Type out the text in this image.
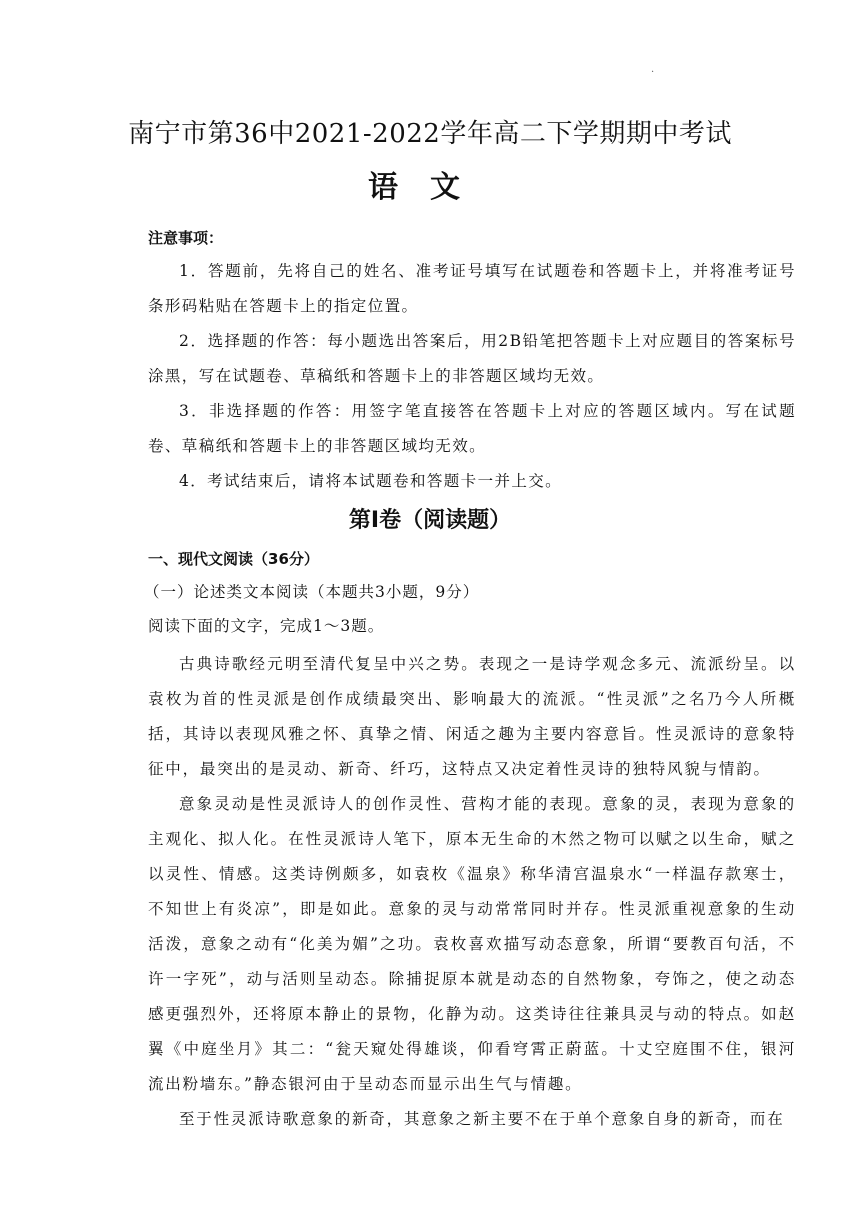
·
南宁市第36中2021-2022学年高二下学期期中考试
语文
注意事项：

1．答题前，先将自己的姓名、准考证号填写在试题卷和答题卡上，并将准考证号条形码粘贴在答题卡上的指定位置。

2．选择题的作答：每小题选出答案后，用2B铅笔把答题卡上对应题目的答案标号涂黑，写在试题卷、草稿纸和答题卡上的非答题区域均无效。

3．非选择题的作答：用签字笔直接答在答题卡上对应的答题区域内。写在试题卷、草稿纸和答题卡上的非答题区域均无效。

4．考试结束后，请将本试题卷和答题卡一并上交。

第Ⅰ卷（阅读题）
一、现代文阅读（36分）
（一）论述类文本阅读（本题共3小题，9分）
阅读下面的文字，完成1～3题。

古典诗歌经元明至清代复呈中兴之势。表现之一是诗学观念多元、流派纷呈。以袁枚为首的性灵派是创作成绩最突出、影响最大的流派。“性灵派”之名乃今人所概括，其诗以表现风雅之怀、真挚之情、闲适之趣为主要内容意旨。性灵派诗的意象特征中，最突出的是灵动、新奇、纤巧，这特点又决定着性灵诗的独特风貌与情韵。

意象灵动是性灵派诗人的创作灵性、营构才能的表现。意象的灵，表现为意象的主观化、拟人化。在性灵派诗人笔下，原本无生命的木然之物可以赋之以生命，赋之以灵性、情感。这类诗例颇多，如袁枚《温泉》称华清宫温泉水“一样温存款寒士，不知世上有炎凉”，即是如此。意象的灵与动常常同时并存。性灵派重视意象的生动活泼，意象之动有“化美为媚”之功。袁枚喜欢描写动态意象，所谓“要教百句活，不许一字死”，动与活则呈动态。除捕捉原本就是动态的自然物象，夸饰之，使之动态感更强烈外，还将原本静止的景物，化静为动。这类诗往往兼具灵与动的特点。如赵翼《中庭坐月》其二：“瓮天窥处得雄谈，仰看穹霄正蔚蓝。十丈空庭围不住，银河流出粉墙东。”静态银河由于呈动态而显示出生气与情趣。

至于性灵派诗歌意象的新奇，其意象之新主要不在于单个意象自身的新奇，而在
